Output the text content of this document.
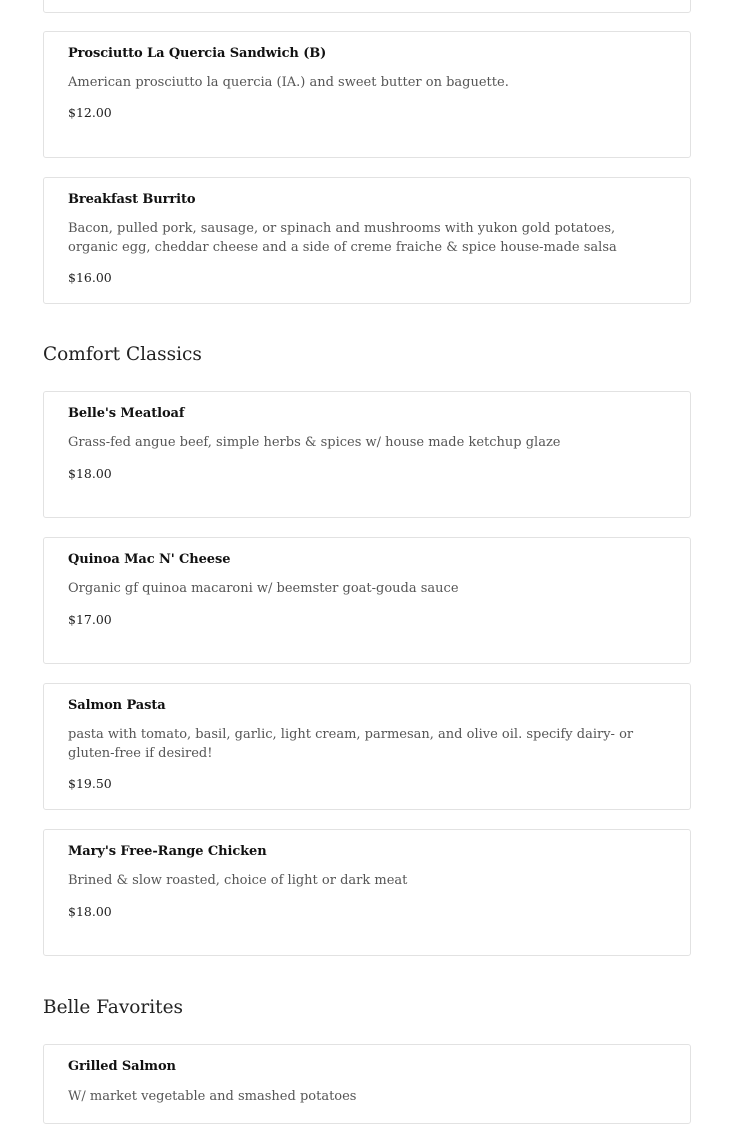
Prosciutto La Quercia Sandwich (B)
American prosciutto la quercia (IA.) and sweet butter on baguette.
$12.00
Breakfast Burrito
Bacon, pulled pork, sausage, or spinach and mushrooms with yukon gold potatoes, organic egg, cheddar cheese and a side of creme fraiche & spice house-made salsa
$16.00
Comfort Classics
Belle's Meatloaf
Grass-fed angue beef, simple herbs & spices w/ house made ketchup glaze
$18.00
Quinoa Mac N' Cheese
Organic gf quinoa macaroni w/ beemster goat-gouda sauce
$17.00
Salmon Pasta
pasta with tomato, basil, garlic, light cream, parmesan, and olive oil. specify dairy- or gluten-free if desired!
$19.50
Mary's Free-Range Chicken
Brined & slow roasted, choice of light or dark meat
$18.00
Belle Favorites
Grilled Salmon
W/ market vegetable and smashed potatoes
